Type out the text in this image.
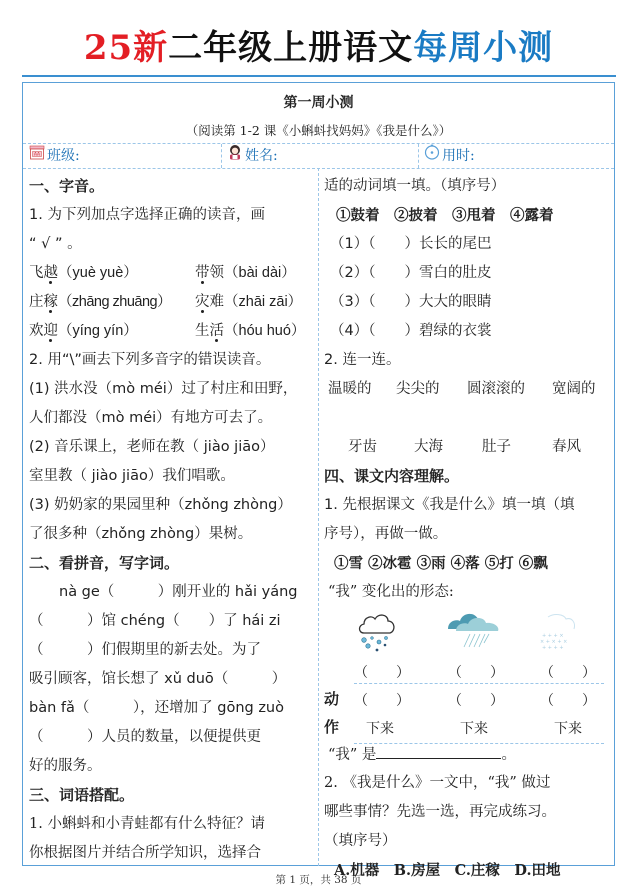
25新二年级上册语文每周小测
第一周小测
（阅读第 1-2 课《小蝌蚪找妈妈》《我是什么》）
AA 班级:	姓名:	用时:
一、字音。
1. 为下列加点字选择正确的读音，画
“ √ ” 。
飞越（yuè yuè）	带领（bài dài）
庄稼（zhāng zhuāng） 灾难（zhāi zāi）
欢迎（yíng yín）	生活（hóu huó）
2. 用“\”画去下列多音字的错误读音。
(1) 洪水没（mò méi）过了村庄和田野，
人们都没（mò méi）有地方可去了。
(2) 音乐课上，老师在教（ jiào jiāo）
室里教（ jiào jiāo）我们唱歌。
(3) 奶奶家的果园里种（zhǒng zhòng）
了很多种（zhǒng zhòng）果树。
二、看拼音，写字词。
nà ge（　　　）刚开业的 hǎi yáng
（　　　）馆 chéng（　　）了 hái zi
（　　　）们假期里的新去处。为了
吸引顾客，馆长想了 xǔ duō（　　　）
bàn fǎ（　　　），还增加了 gōng zuò
（　　　）人员的数量，以便提供更
好的服务。
三、词语搭配。
1. 小蝌蚪和小青蛙都有什么特征？请
你根据图片并结合所学知识，选择合
适的动词填一填。（填序号）
①鼓着　②披着　③甩着　④露着
（1）（　　）长长的尾巴
（2）（　　）雪白的肚皮
（3）（　　）大大的眼睛
（4）（　　）碧绿的衣裳
2. 连一连。
温暖的 尖尖的 圆滚滚的 宽阔的
牙齿	大海	肚子	春风
四、课文内容理解。
1. 先根据课文《我是什么》填一填（填
序号），再做一做。
①雪 ②冰雹 ③雨 ④落 ⑤打 ⑥飘
“我” 变化出的形态:
+ + + ×
× + × + ×
+ + + +
（　　）	（　　）	（　　）
动
作
（　　）	（　　）	（　　）
下来	下来	下来
“我” 是	。
2. 《我是什么》一文中，“我” 做过
哪些事情？先选一选，再完成练习。
（填序号）
A.机器　B.房屋　C.庄稼　D.田地
第 1 页，共 38 页
